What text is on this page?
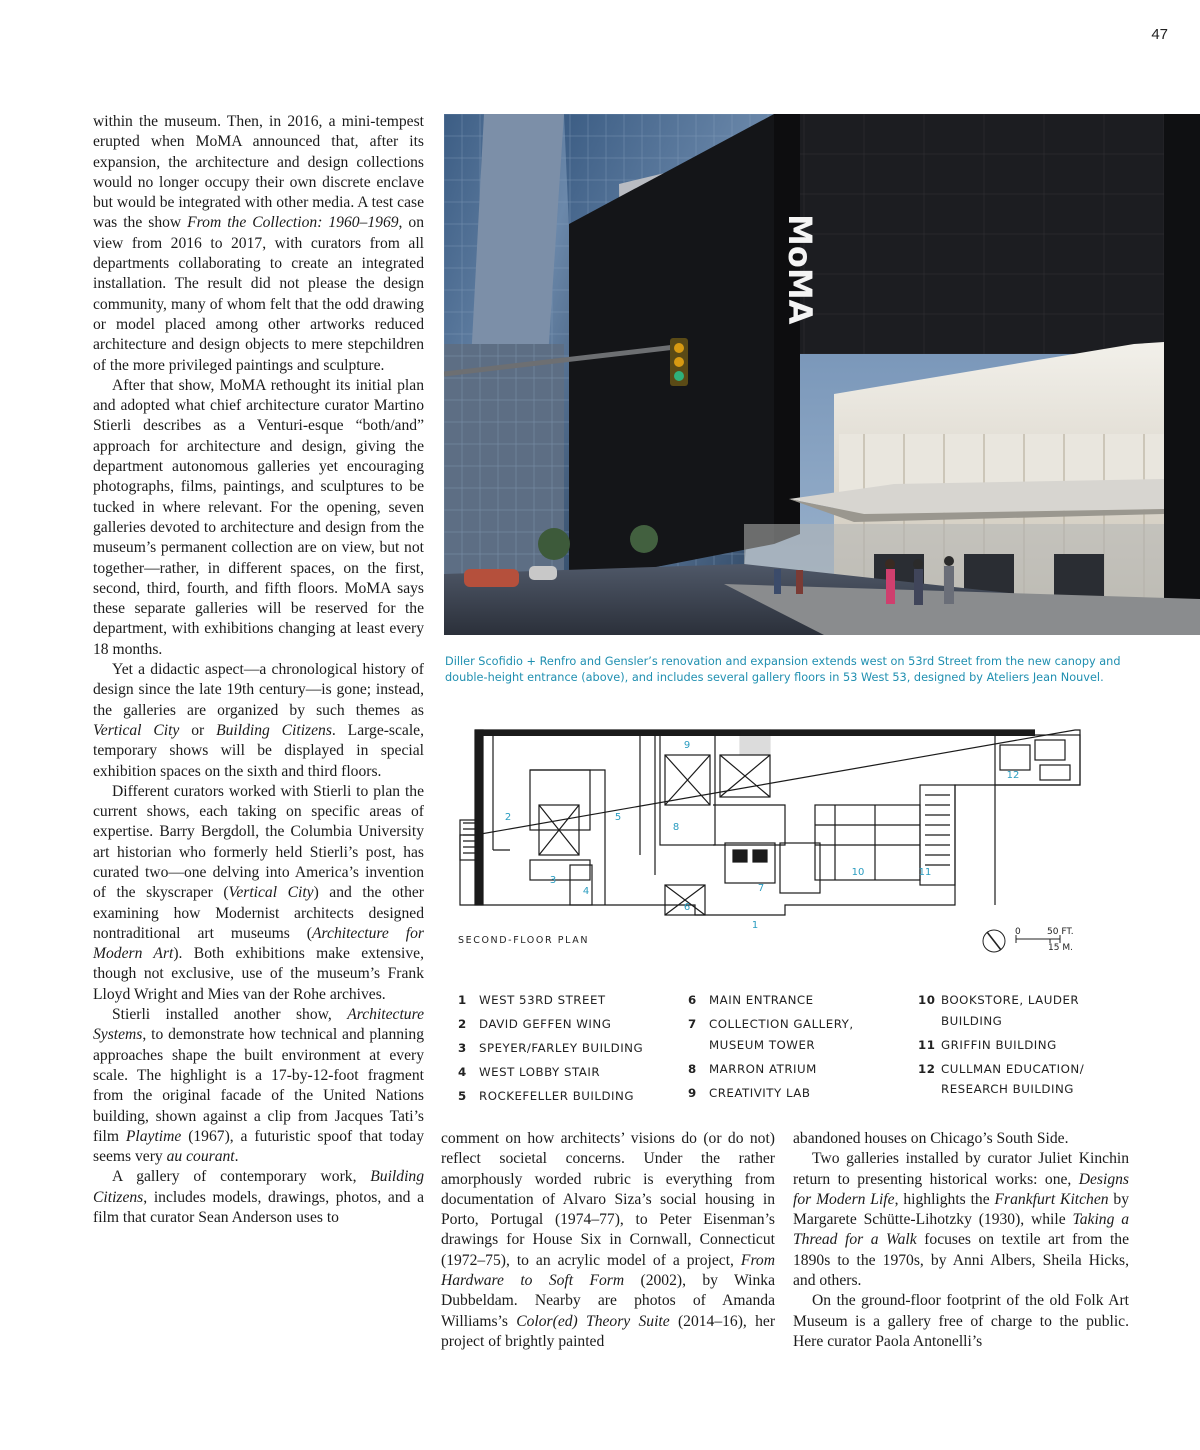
47

within the museum. Then, in 2016, a mini-tempest erupted when MoMA announced that, after its expansion, the architecture and design collections would no longer occupy their own discrete enclave but would be integrated with other media. A test case was the show From the Collection: 1960–1969, on view from 2016 to 2017, with curators from all departments collaborating to create an integrated installation. The result did not please the design community, many of whom felt that the odd drawing or model placed among other artworks reduced architecture and design objects to mere stepchildren of the more privileged paintings and sculpture.

After that show, MoMA rethought its initial plan and adopted what chief architecture curator Martino Stierli describes as a Venturi-esque “both/and” approach for architecture and design, giving the department autonomous galleries yet encouraging photographs, films, paintings, and sculptures to be tucked in where relevant. For the opening, seven galleries devoted to architecture and design from the museum’s permanent collection are on view, but not together—rather, in different spaces, on the first, second, third, fourth, and fifth floors. MoMA says these separate galleries will be reserved for the department, with exhibitions changing at least every 18 months.

Yet a didactic aspect—a chronological history of design since the late 19th century—is gone; instead, the galleries are organized by such themes as Vertical City or Building Citizens. Large-scale, temporary shows will be displayed in special exhibition spaces on the sixth and third floors.

Different curators worked with Stierli to plan the current shows, each taking on specific areas of expertise. Barry Bergdoll, the Columbia University art historian who formerly held Stierli’s post, has curated two—one delving into America’s invention of the skyscraper (Vertical City) and the other examining how Modernist architects designed nontraditional art museums (Architecture for Modern Art). Both exhibitions make extensive, though not exclusive, use of the museum’s Frank Lloyd Wright and Mies van der Rohe archives.

Stierli installed another show, Architecture Systems, to demonstrate how technical and planning approaches shape the built environment at every scale. The highlight is a 17-by-12-foot fragment from the original facade of the United Nations building, shown against a clip from Jacques Tati’s film Playtime (1967), a futuristic spoof that today seems very au courant.

A gallery of contemporary work, Building Citizens, includes models, drawings, photos, and a film that curator Sean Anderson uses to

MoMA
Diller Scofidio + Renfro and Gensler’s renovation and expansion extends west on 53rd Street from the new canopy and double-height entrance (above), and includes several gallery floors in 53 West 53, designed by Ateliers Jean Nouvel.
1
2
3
4
5
6
7
8
9
10	11
12
SECOND-FLOOR PLAN
0	50 FT.
15 M.
1	WEST 53RD STREET
2	DAVID GEFFEN WING
3	SPEYER/FARLEY BUILDING
4	WEST LOBBY STAIR
5	ROCKEFELLER BUILDING
6	MAIN ENTRANCE
7	COLLECTION GALLERY, MUSEUM TOWER
8	MARRON ATRIUM
9	CREATIVITY LAB
10 BOOKSTORE, LAUDER BUILDING
11 GRIFFIN BUILDING
12 CULLMAN EDUCATION/ RESEARCH BUILDING

comment on how architects’ visions do (or do not) reflect societal concerns. Under the rather amorphously worded rubric is everything from documentation of Alvaro Siza’s social housing in Porto, Portugal (1974–77), to Peter Eisenman’s drawings for House Six in Cornwall, Connecticut (1972–75), to an acrylic model of a project, From Hardware to Soft Form (2002), by Winka Dubbeldam. Nearby are photos of Amanda Williams’s Color(ed) Theory Suite (2014–16), her project of brightly painted

abandoned houses on Chicago’s South Side.

Two galleries installed by curator Juliet Kinchin return to presenting historical works: one, Designs for Modern Life, highlights the Frankfurt Kitchen by Margarete Schütte-Lihotzky (1930), while Taking a Thread for a Walk focuses on textile art from the 1890s to the 1970s, by Anni Albers, Sheila Hicks, and others.

On the ground-floor footprint of the old Folk Art Museum is a gallery free of charge to the public. Here curator Paola Antonelli’s
